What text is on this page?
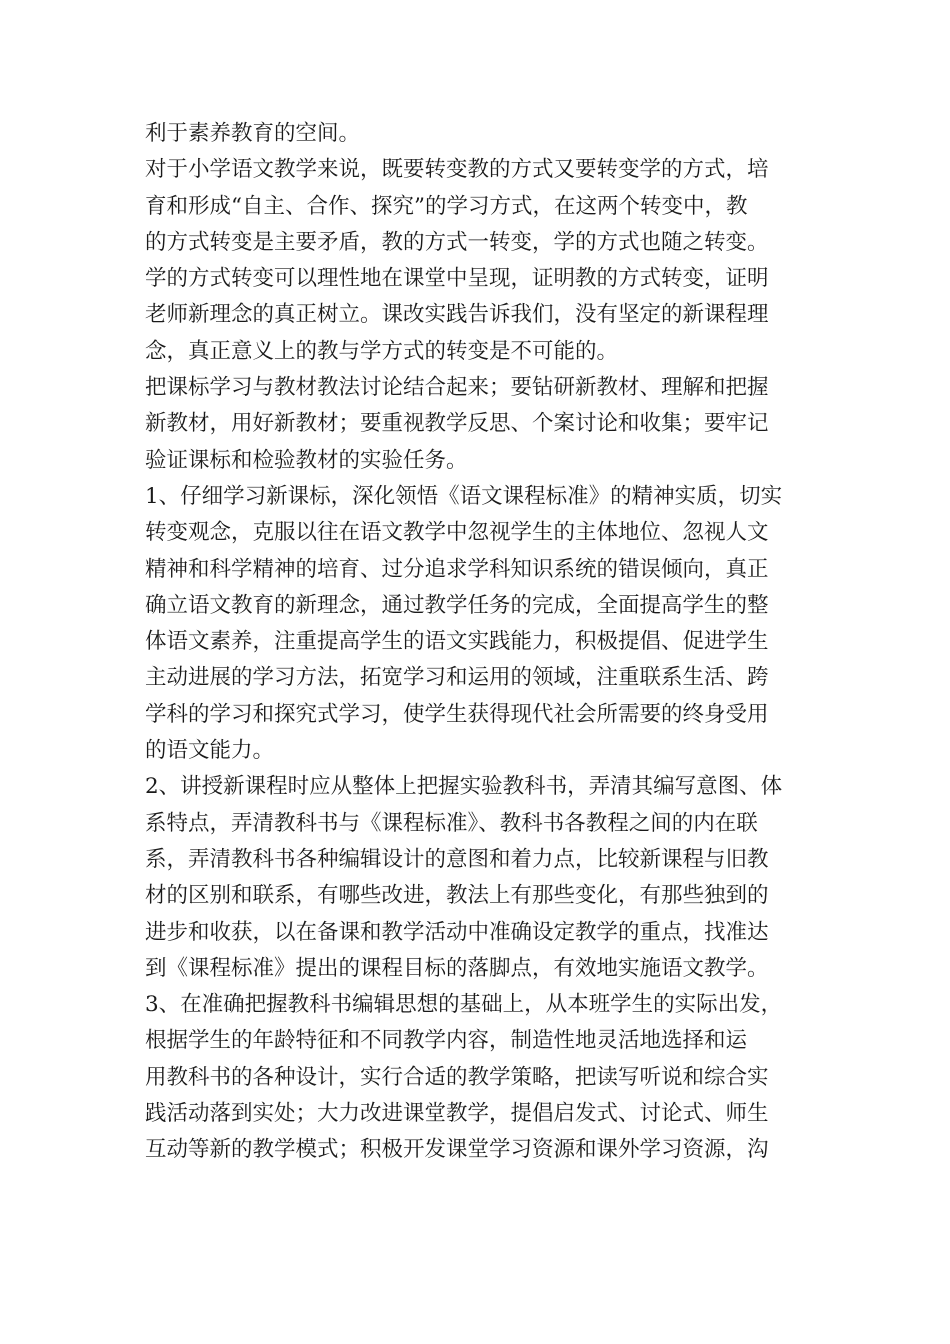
利于素养教育的空间。
对于小学语文教学来说，既要转变教的方式又要转变学的方式，培
育和形成“自主、合作、探究”的学习方式，在这两个转变中，教
的方式转变是主要矛盾，教的方式一转变，学的方式也随之转变。
学的方式转变可以理性地在课堂中呈现，证明教的方式转变，证明
老师新理念的真正树立。课改实践告诉我们，没有坚定的新课程理
念，真正意义上的教与学方式的转变是不可能的。
把课标学习与教材教法讨论结合起来；要钻研新教材、理解和把握
新教材，用好新教材；要重视教学反思、个案讨论和收集；要牢记
验证课标和检验教材的实验任务。
1、仔细学习新课标，深化领悟《语文课程标准》的精神实质，切实
转变观念，克服以往在语文教学中忽视学生的主体地位、忽视人文
精神和科学精神的培育、过分追求学科知识系统的错误倾向，真正
确立语文教育的新理念，通过教学任务的完成，全面提高学生的整
体语文素养，注重提高学生的语文实践能力，积极提倡、促进学生
主动进展的学习方法，拓宽学习和运用的领域，注重联系生活、跨
学科的学习和探究式学习，使学生获得现代社会所需要的终身受用
的语文能力。
2、讲授新课程时应从整体上把握实验教科书，弄清其编写意图、体
系特点，弄清教科书与《课程标准》、教科书各教程之间的内在联
系，弄清教科书各种编辑设计的意图和着力点，比较新课程与旧教
材的区别和联系，有哪些改进，教法上有那些变化，有那些独到的
进步和收获，以在备课和教学活动中准确设定教学的重点，找准达
到《课程标准》提出的课程目标的落脚点，有效地实施语文教学。
3、在准确把握教科书编辑思想的基础上，从本班学生的实际出发，
根据学生的年龄特征和不同教学内容，制造性地灵活地选择和运
用教科书的各种设计，实行合适的教学策略，把读写听说和综合实
践活动落到实处；大力改进课堂教学，提倡启发式、讨论式、师生
互动等新的教学模式；积极开发课堂学习资源和课外学习资源，沟
